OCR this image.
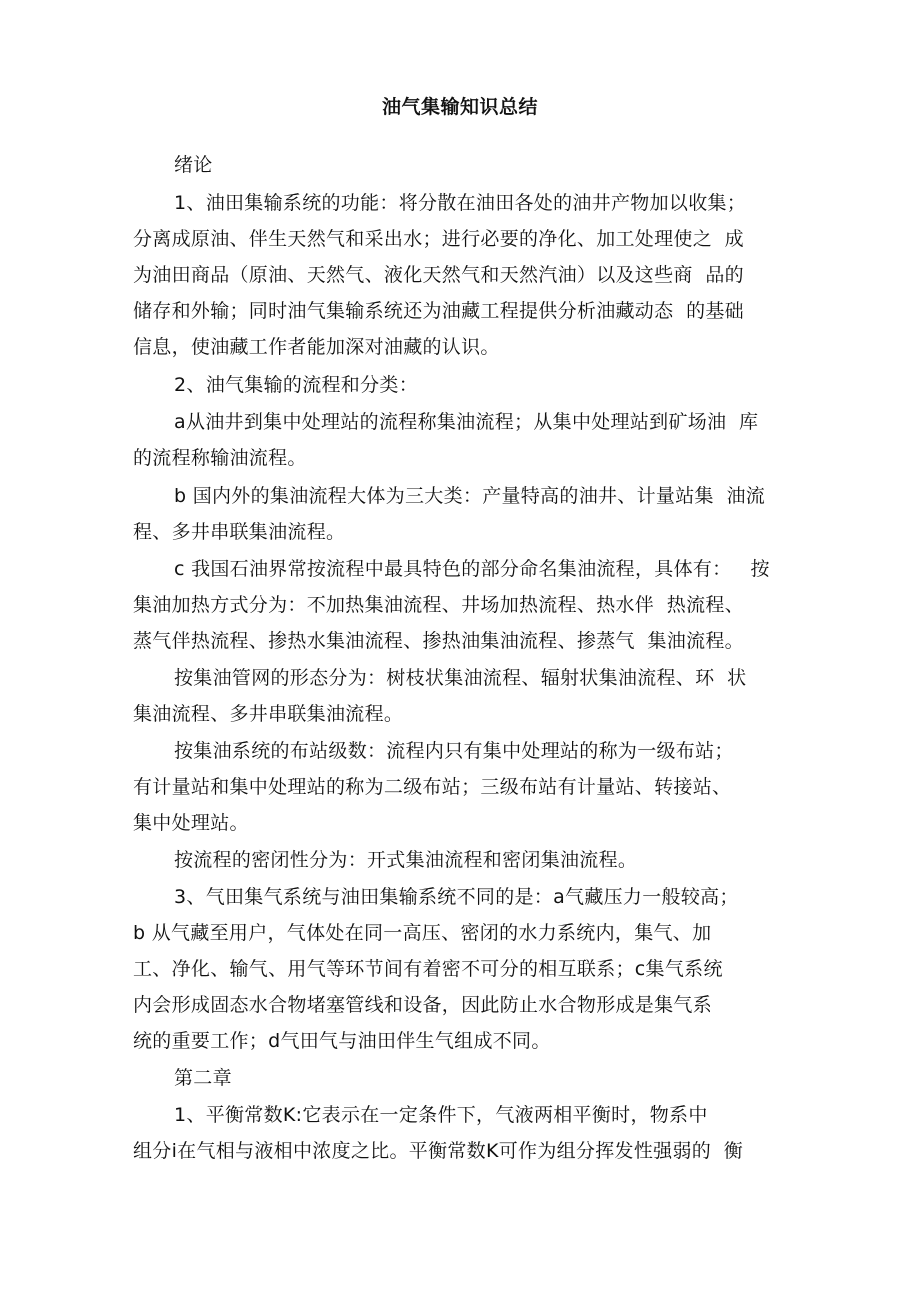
油气集输知识总结
绪论
1、油田集输系统的功能：将分散在油田各处的油井产物加以收集；
分离成原油、伴生天然气和采出水；进行必要的净化、加工处理使之  成
为油田商品（原油、天然气、液化天然气和天然汽油）以及这些商  品的
储存和外输；同时油气集输系统还为油藏工程提供分析油藏动态  的基础
信息，使油藏工作者能加深对油藏的认识。
2、油气集输的流程和分类：
a从油井到集中处理站的流程称集油流程；从集中处理站到矿场油  库
的流程称输油流程。
b 国内外的集油流程大体为三大类：产量特高的油井、计量站集  油流
程、多井串联集油流程。
c 我国石油界常按流程中最具特色的部分命名集油流程，具体有：   按
集油加热方式分为：不加热集油流程、井场加热流程、热水伴  热流程、
蒸气伴热流程、掺热水集油流程、掺热油集油流程、掺蒸气  集油流程。
按集油管网的形态分为：树枝状集油流程、辐射状集油流程、环  状
集油流程、多井串联集油流程。
按集油系统的布站级数：流程内只有集中处理站的称为一级布站；
有计量站和集中处理站的称为二级布站；三级布站有计量站、转接站、
集中处理站。
按流程的密闭性分为：开式集油流程和密闭集油流程。
3、气田集气系统与油田集输系统不同的是：a气藏压力一般较高；
b 从气藏至用户，气体处在同一高压、密闭的水力系统内，集气、加
工、净化、输气、用气等环节间有着密不可分的相互联系；c集气系统
内会形成固态水合物堵塞管线和设备，因此防止水合物形成是集气系
统的重要工作；d气田气与油田伴生气组成不同。
第二章
1、平衡常数K:它表示在一定条件下，气液两相平衡时，物系中
组分i在气相与液相中浓度之比。平衡常数K可作为组分挥发性强弱的  衡
